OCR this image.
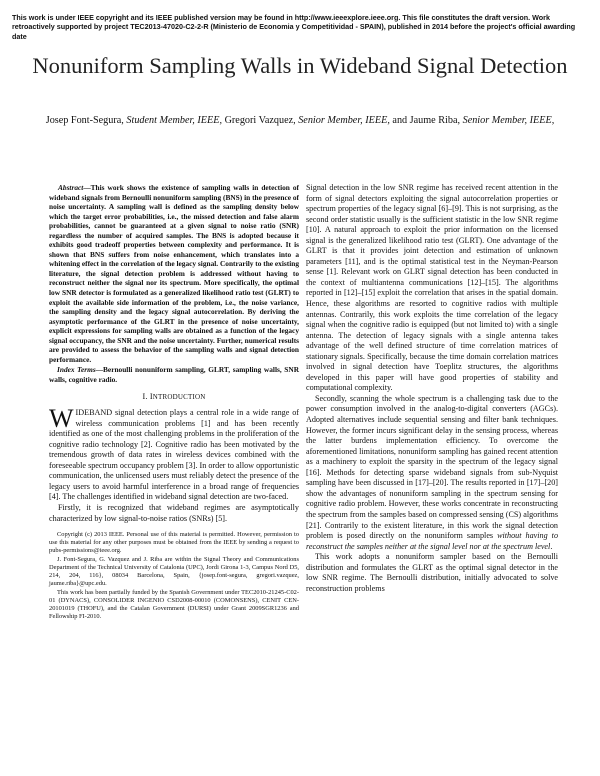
This work is under IEEE copyright and its IEEE published version may be found in http://www.ieeexplore.ieee.org. This file constitutes the draft version. Work retroactively supported by project TEC2013-47020-C2-2-R (Ministerio de Economia y Competitividad - SPAIN), published in 2014 before the project's official awarding date
Nonuniform Sampling Walls in Wideband Signal Detection
Josep Font-Segura, Student Member, IEEE, Gregori Vazquez, Senior Member, IEEE, and Jaume Riba, Senior Member, IEEE,

Abstract—This work shows the existence of sampling walls in detection of wideband signals from Bernoulli nonuniform sampling (BNS) in the presence of noise uncertainty. A sampling wall is defined as the sampling density below which the target error probabilities, i.e., the missed detection and false alarm probabilities, cannot be guaranteed at a given signal to noise ratio (SNR) regardless the number of acquired samples. The BNS is adopted because it exhibits good tradeoff properties between complexity and performance. It is shown that BNS suffers from noise enhancement, which translates into a whitening effect in the correlation of the legacy signal. Contrarily to the existing literature, the signal detection problem is addressed without having to reconstruct neither the signal nor its spectrum. More specifically, the optimal low SNR detector is formulated as a generalized likelihood ratio test (GLRT) to exploit the available side information of the problem, i.e., the noise variance, the sampling density and the legacy signal autocorrelation. By deriving the asymptotic performance of the GLRT in the presence of noise uncertainty, explicit expressions for sampling walls are obtained as a function of the legacy signal occupancy, the SNR and the noise uncertainty. Further, numerical results are provided to assess the behavior of the sampling walls and signal detection performance.

Index Terms—Bernoulli nonuniform sampling, GLRT, sampling walls, SNR walls, cognitive radio.

I. INTRODUCTION

WIDEBAND signal detection plays a central role in a wide range of wireless communication problems [1] and has been recently identified as one of the most challenging problems in the proliferation of the cognitive radio technology [2]. Cognitive radio has been motivated by the tremendous growth of data rates in wireless devices combined with the foreseeable spectrum occupancy problem [3]. In order to allow opportunistic communication, the unlicensed users must reliably detect the presence of the legacy users to avoid harmful interference in a broad range of frequencies [4]. The challenges identified in wideband signal detection are two-faced.

Firstly, it is recognized that wideband regimes are asymptotically characterized by low signal-to-noise ratios (SNRs) [5].

Copyright (c) 2013 IEEE. Personal use of this material is permitted. However, permission to use this material for any other purposes must be obtained from the IEEE by sending a request to pubs-permissions@ieee.org.

J. Font-Segura, G. Vazquez and J. Riba are within the Signal Theory and Communications Department of the Technical University of Catalonia (UPC), Jordi Girona 1-3, Campus Nord D5, 214, 204, 116}, 08034 Barcelona, Spain, {josep.font-segura, gregori.vazquez, jaume.riba}@upc.edu.

This work has been partially funded by the Spanish Government under TEC2010-21245-C02-01 (DYNACS), CONSOLIDER INGENIO CSD2008-00010 (COMONSENS), CENIT CEN-20101019 (THOFU), and the Catalan Government (DURSI) under Grant 2009SGR1236 and Fellowship FI-2010.

Signal detection in the low SNR regime has received recent attention in the form of signal detectors exploiting the signal autocorrelation properties or spectrum properties of the legacy signal [6]–[9]. This is not surprising, as the second order statistic usually is the sufficient statistic in the low SNR regime [10]. A natural approach to exploit the prior information on the licensed signal is the generalized likelihood ratio test (GLRT). One advantage of the GLRT is that it provides joint detection and estimation of unknown parameters [11], and is the optimal statistical test in the Neyman-Pearson sense [1]. Relevant work on GLRT signal detection has been conducted in the context of multiantenna communications [12]–[15]. The algorithms reported in [12]–[15] exploit the correlation that arises in the spatial domain. Hence, these algorithms are resorted to cognitive radios with multiple antennas. Contrarily, this work exploits the time correlation of the legacy signal when the cognitive radio is equipped (but not limited to) with a single antenna. The detection of legacy signals with a single antenna takes advantage of the well defined structure of time correlation matrices of stationary signals. Specifically, because the time domain correlation matrices involved in signal detection have Toeplitz structures, the algorithms developed in this paper will have good properties of stability and computational complexity.

Secondly, scanning the whole spectrum is a challenging task due to the power consumption involved in the analog-to-digital converters (AGCs). Adopted alternatives include sequential sensing and filter bank techniques. However, the former incurs significant delay in the sensing process, whereas the latter burdens implementation efficiency. To overcome the aforementioned limitations, nonuniform sampling has gained recent attention as a machinery to exploit the sparsity in the spectrum of the legacy signal [16]. Methods for detecting sparse wideband signals from sub-Nyquist sampling have been discussed in [17]–[20]. The results reported in [17]–[20] show the advantages of nonuniform sampling in the spectrum sensing for cognitive radio problem. However, these works concentrate in reconstructing the spectrum from the samples based on compressed sensing (CS) algorithms [21]. Contrarily to the existent literature, in this work the signal detection problem is posed directly on the nonuniform samples without having to reconstruct the samples neither at the signal level nor at the spectrum level.

This work adopts a nonuniform sampler based on the Bernoulli distribution and formulates the GLRT as the optimal signal detector in the low SNR regime. The Bernoulli distribution, initially advocated to solve reconstruction problems
